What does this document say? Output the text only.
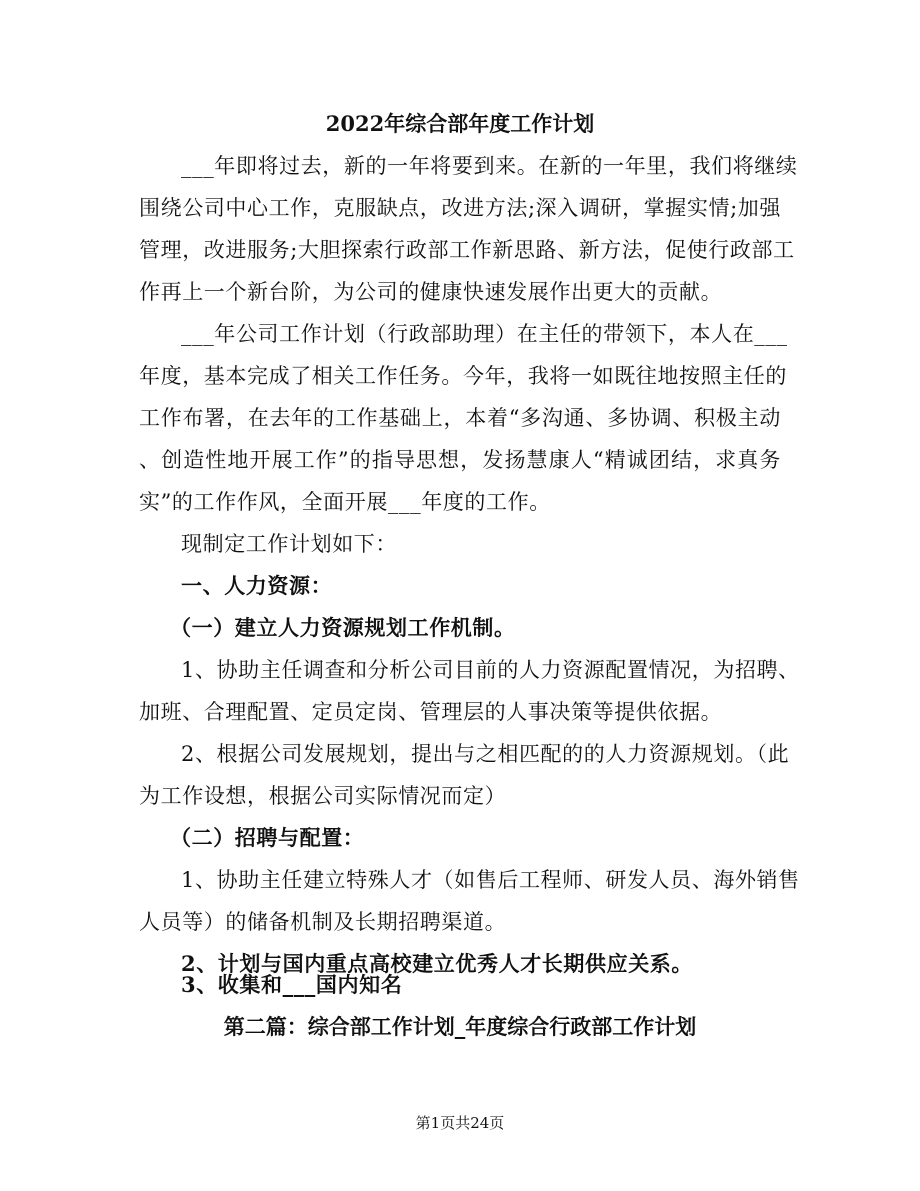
2022年综合部年度工作计划
___年即将过去，新的一年将要到来。在新的一年里，我们将继续
围绕公司中心工作，克服缺点，改进方法;深入调研，掌握实情;加强
管理，改进服务;大胆探索行政部工作新思路、新方法，促使行政部工
作再上一个新台阶，为公司的健康快速发展作出更大的贡献。
___年公司工作计划（行政部助理）在主任的带领下，本人在___
年度，基本完成了相关工作任务。今年，我将一如既往地按照主任的
工作布署，在去年的工作基础上，本着“多沟通、多协调、积极主动
、创造性地开展工作”的指导思想，发扬慧康人“精诚团结，求真务
实”的工作作风，全面开展___年度的工作。
现制定工作计划如下：
一、人力资源：
（一）建立人力资源规划工作机制。
1、协助主任调查和分析公司目前的人力资源配置情况，为招聘、
加班、合理配置、定员定岗、管理层的人事决策等提供依据。
2、根据公司发展规划，提出与之相匹配的的人力资源规划。（此
为工作设想，根据公司实际情况而定）
（二）招聘与配置：
1、协助主任建立特殊人才（如售后工程师、研发人员、海外销售
人员等）的储备机制及长期招聘渠道。
2、计划与国内重点高校建立优秀人才长期供应关系。
3、收集和___国内知名
第二篇：综合部工作计划_年度综合行政部工作计划
第1页共24页
